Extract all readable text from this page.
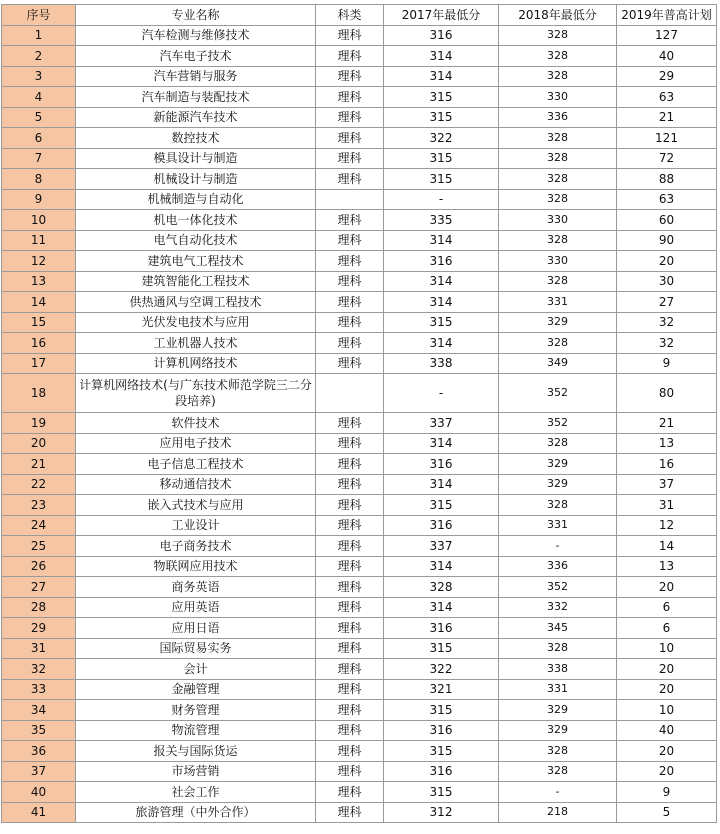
序号	专业名称	科类	2017年最低分	2018年最低分	2019年普高计划
1	汽车检测与维修技术	理科	316	328	127
2	汽车电子技术	理科	314	328	40
3	汽车营销与服务	理科	314	328	29
4	汽车制造与装配技术	理科	315	330	63
5	新能源汽车技术	理科	315	336	21
6	数控技术	理科	322	328	121
7	模具设计与制造	理科	315	328	72
8	机械设计与制造	理科	315	328	88
9	机械制造与自动化		-	328	63
10	机电一体化技术	理科	335	330	60
11	电气自动化技术	理科	314	328	90
12	建筑电气工程技术	理科	316	330	20
13	建筑智能化工程技术	理科	314	328	30
14	供热通风与空调工程技术	理科	314	331	27
15	光伏发电技术与应用	理科	315	329	32
16	工业机器人技术	理科	314	328	32
17	计算机网络技术	理科	338	349	9
18	计算机网络技术(与广东技术师范学院三二分段培养)		-	352	80
19	软件技术	理科	337	352	21
20	应用电子技术	理科	314	328	13
21	电子信息工程技术	理科	316	329	16
22	移动通信技术	理科	314	329	37
23	嵌入式技术与应用	理科	315	328	31
24	工业设计	理科	316	331	12
25	电子商务技术	理科	337	-	14
26	物联网应用技术	理科	314	336	13
27	商务英语	理科	328	352	20
28	应用英语	理科	314	332	6
29	应用日语	理科	316	345	6
31	国际贸易实务	理科	315	328	10
32	会计	理科	322	338	20
33	金融管理	理科	321	331	20
34	财务管理	理科	315	329	10
35	物流管理	理科	316	329	40
36	报关与国际货运	理科	315	328	20
37	市场营销	理科	316	328	20
40	社会工作	理科	315	-	9
41	旅游管理（中外合作）	理科	312	218	5
